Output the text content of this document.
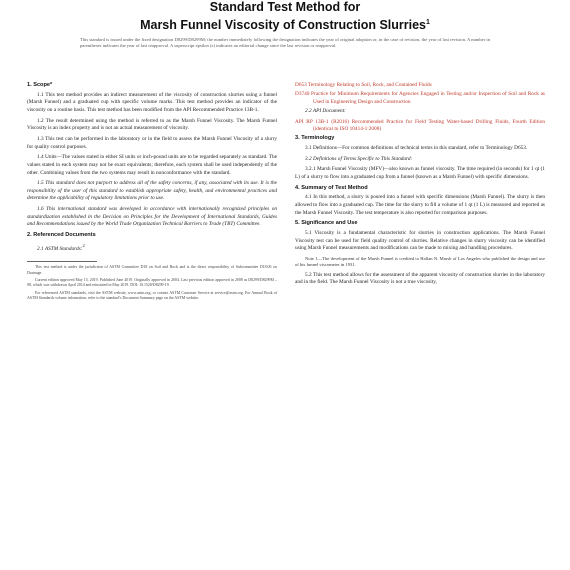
Standard Test Method for
Marsh Funnel Viscosity of Construction Slurries$^1$
This standard is issued under the fixed designation D8299/D8299M; the number immediately following the designation indicates the year of original adoption or, in the case of revision, the year of last revision. A number in parentheses indicates the year of last reapproval. A superscript epsilon (ε) indicates an editorial change since the last revision or reapproval.
1. Scope*

1.1 This test method provides an indirect measurement of the viscosity of construction slurries using a funnel (Marsh Funnel) and a graduated cup with specific volume marks. This test method provides an indicator of the viscosity on a routine basis. This test method has been modified from the API Recommended Practice 13B-1.

1.2 The result determined using the method is referred to as the Marsh Funnel Viscosity. The Marsh Funnel Viscosity is an index property and is not an actual measurement of viscosity.

1.3 This test can be performed in the laboratory or in the field to assess the Marsh Funnel Viscosity of a slurry for quality control purposes.

1.4 Units—The values stated in either SI units or inch-pound units are to be regarded separately as standard. The values stated in each system may not be exact equivalents; therefore, each system shall be used independently of the other. Combining values from the two systems may result in nonconformance with the standard.

1.5 This standard does not purport to address all of the safety concerns, if any, associated with its use. It is the responsibility of the user of this standard to establish appropriate safety, health, and environmental practices and determine the applicability of regulatory limitations prior to use.

1.6 This international standard was developed in accordance with internationally recognized principles on standardization established in the Decision on Principles for the Development of International Standards, Guides and Recommendations issued by the World Trade Organization Technical Barriers to Trade (TBT) Committee.

2. Referenced Documents

2.1 ASTM Standards:$^2$

This test method is under the jurisdiction of ASTM Committee D18 on Soil and Rock and is the direct responsibility of Subcommittee D18.06 on Drainage.

Current edition approved May 15, 2019. Published June 2019. Originally approved in 2004. Last previous edition approved in 2008 as D8299/D8299M – 08, which was withdrawn April 2014 and reinstated in May 2019. DOI: 10.1520/D8299-19.

For referenced ASTM standards, visit the ASTM website, www.astm.org, or contact ASTM Customer Service at service@astm.org. For Annual Book of ASTM Standards volume information, refer to the standard's Document Summary page on the ASTM website.

D653 Terminology Relating to Soil, Rock, and Contained Fluids
D3740 Practice for Minimum Requirements for Agencies Engaged in Testing and/or Inspection of Soil and Rock as Used in Engineering Design and Construction

2.2 API Document:

API RP 13B-1 (R2016) Recommended Practice for Field Testing Water-based Drilling Fluids, Fourth Edition (identical to ISO 10414-1:2008)
3. Terminology

3.1 Definitions—For common definitions of technical terms in this standard, refer to Terminology D653.

3.2 Definitions of Terms Specific to This Standard:

3.2.1 Marsh Funnel Viscosity (MFV)—also known as funnel viscosity. The time required (in seconds) for 1 qt (1 L) of a slurry to flow into a graduated cup from a funnel (known as a Marsh Funnel) with specific dimensions.

4. Summary of Test Method

4.1 In this method, a slurry is poured into a funnel with specific dimensions (Marsh Funnel). The slurry is then allowed to flow into a graduated cup. The time for the slurry to fill a volume of 1 qt (1 L) is measured and reported as the Marsh Funnel Viscosity. The test temperature is also reported for comparison purposes.

5. Significance and Use

5.1 Viscosity is a fundamental characteristic for slurries in construction applications. The Marsh Funnel Viscosity test can be used for field quality control of slurries. Relative changes in slurry viscosity can be identified using Marsh Funnel measurements and modifications can be made to mixing and handling procedures.

Note 1—The development of the Marsh Funnel is credited to Hallan N. Marsh of Los Angeles who published the design and use of his funnel viscometer in 1931.

5.2 This test method allows for the assessment of the apparent viscosity of construction slurries in the laboratory and in the field. The Marsh Funnel Viscosity is not a true viscosity,
